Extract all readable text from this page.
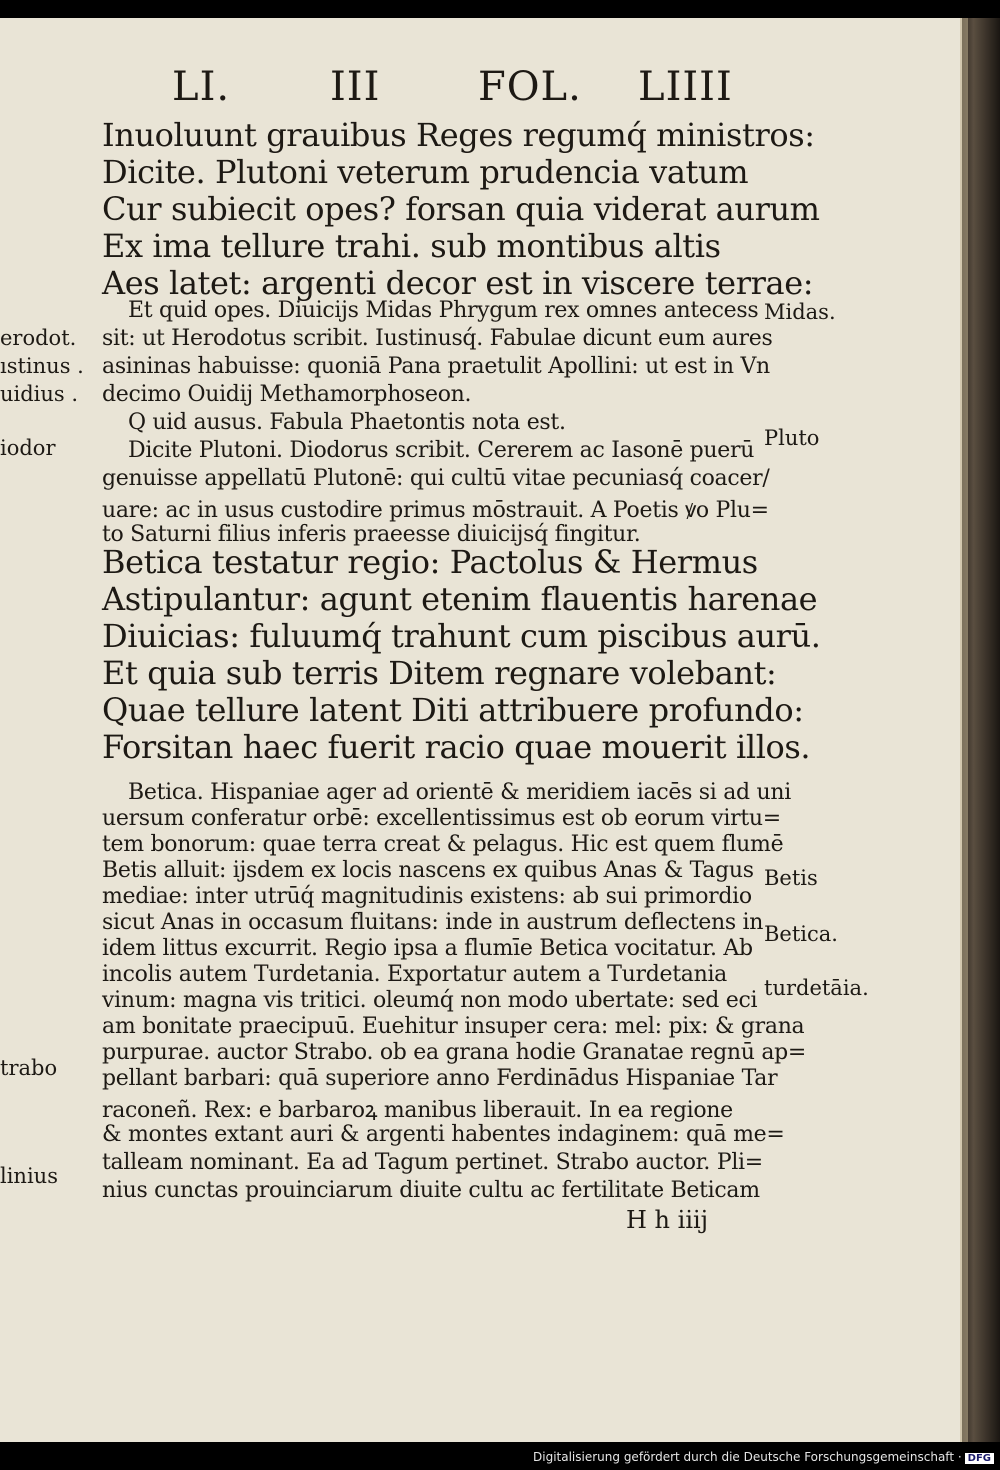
LI. III FOL. LIIII
Inuoluunt grauibus Reges regumq́ ministros:
Dicite. Plutoni veterum prudencia vatum
Cur subiecit opes? forsan quia viderat aurum
Ex ima tellure trahi. sub montibus altis
Aes latet: argenti decor est in viscere terrae:
Et quid opes. Diuicijs Midas Phrygum rex omnes antecess
sit: ut Herodotus scribit. Iustinusq́. Fabulae dicunt eum aures
asininas habuisse: quoniā Pana praetulit Apollini: ut est in Vn
decimo Ouidij Methamorphoseon.
Q uid ausus. Fabula Phaetontis nota est.
Dicite Plutoni. Diodorus scribit. Cererem ac Iasonē puerū
genuisse appellatū Plutonē: qui cultū vitae pecuniasq́ coacer/
uare: ac in usus custodire primus mōstrauit. A Poetis ꝟo Plu=
to Saturni filius inferis praeesse diuicijsq́ fingitur.
Betica testatur regio: Pactolus & Hermus
Astipulantur: agunt etenim flauentis harenae
Diuicias: fuluumq́ trahunt cum piscibus aurū.
Et quia sub terris Ditem regnare volebant:
Quae tellure latent Diti attribuere profundo:
Forsitan haec fuerit racio quae mouerit illos.
Betica. Hispaniae ager ad orientē & meridiem iacēs si ad uni
uersum conferatur orbē: excellentissimus est ob eorum virtu=
tem bonorum: quae terra creat & pelagus. Hic est quem flumē
Betis alluit: ijsdem ex locis nascens ex quibus Anas & Tagus
mediae: inter utrūq́ magnitudinis existens: ab sui primordio
sicut Anas in occasum fluitans: inde in austrum deflectens in
idem littus excurrit. Regio ipsa a flumīe Betica vocitatur. Ab
incolis autem Turdetania. Exportatur autem a Turdetania
vinum: magna vis tritici. oleumq́ non modo ubertate: sed eci
am bonitate praecipuū. Euehitur insuper cera: mel: pix: & grana
purpurae. auctor Strabo. ob ea grana hodie Granatae regnū ap=
pellant barbari: quā superiore anno Ferdinādus Hispaniae Tar
raconeñ. Rex: e barbaroꝝ manibus liberauit. In ea regione
& montes extant auri & argenti habentes indaginem: quā me=
talleam nominant. Ea ad Tagum pertinet. Strabo auctor. Pli=
nius cunctas prouinciarum diuite cultu ac fertilitate Beticam
H h iiij
erodot.
ıstinus .
uidius .
iodor
trabo
linius
Midas.
Pluto
Betis
Betica.
turdetāia.
Digitalisierung gefördert durch die Deutsche Forschungsgemeinschaft · DFG
